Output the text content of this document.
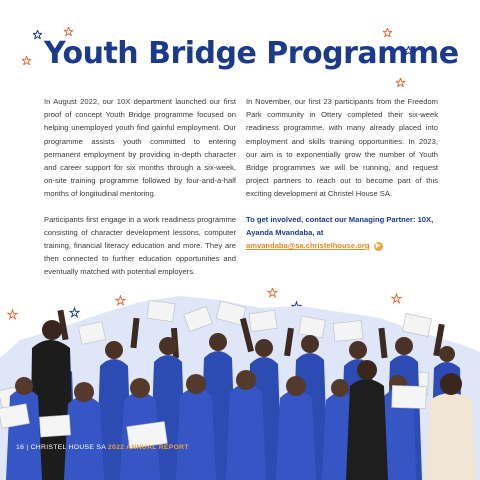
Youth Bridge Programme

In August 2022, our 10X department launched our first proof of concept Youth Bridge programme focused on helping unemployed youth find gainful employment. Our programme assists youth committed to entering permanent employment by providing in-depth character and career support for six months through a six-week, on-site training programme followed by four-and-a-half months of longitudinal mentoring.

Participants first engage in a work readiness programme consisting of character development lessons, computer training, financial literacy education and more. They are then connected to further education opportunities and eventually matched with potential employers.

In November, our first 23 participants from the Freedom Park community in Ottery completed their six-week readiness programme, with many already placed into employment and skills training opportunities. In 2023, our aim is to exponentially grow the number of Youth Bridge programmes we will be running, and request project partners to reach out to become part of this exciting development at Christel House SA.

To get involved, contact our Managing Partner: 10X, Ayanda Mvandaba, at amvandaba@sa.christelhouse.org ▶

16 | CHRISTEL HOUSE SA 2022 ANNUAL REPORT
